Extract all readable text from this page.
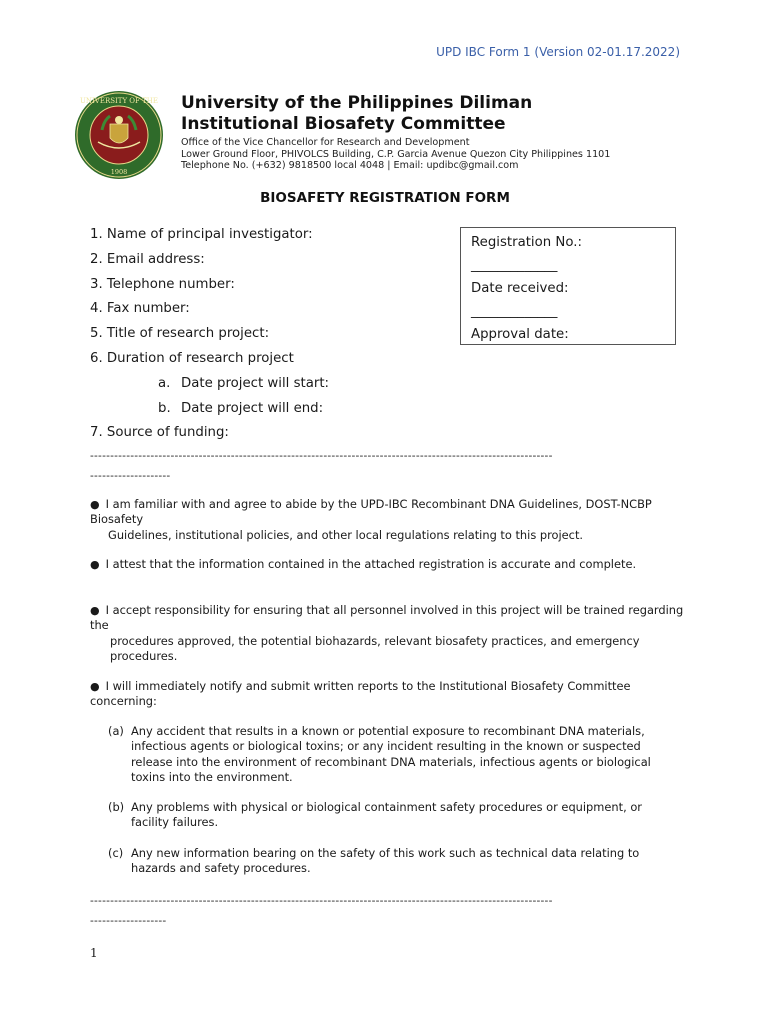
UPD IBC Form 1 (Version 02-01.17.2022)
UNIVERSITY OF THE
1908
University of the Philippines Diliman
Institutional Biosafety Committee
Office of the Vice Chancellor for Research and Development
Lower Ground Floor, PHIVOLCS Building, C.P. Garcia Avenue Quezon City Philippines 1101
Telephone No. (+632) 9818500 local 4048 | Email: updibc@gmail.com
BIOSAFETY REGISTRATION FORM
1. Name of principal investigator:
2. Email address:
3. Telephone number:
4. Fax number:
5. Title of research project:
6. Duration of research project
a. Date project will start:
b. Date project will end:
7. Source of funding:
Registration No.:
_____________
Date received:
_____________
Approval date:
-------------------------------------------------------------------------------------------------------------------
--------------------
● I am familiar with and agree to abide by the UPD-IBC Recombinant DNA Guidelines, DOST-NCBP Biosafety
Guidelines, institutional policies, and other local regulations relating to this project.
● I attest that the information contained in the attached registration is accurate and complete.
● I accept responsibility for ensuring that all personnel involved in this project will be trained regarding the
procedures approved, the potential biohazards, relevant biosafety practices, and emergency procedures.
● I will immediately notify and submit written reports to the Institutional Biosafety Committee concerning:
(a) Any accident that results in a known or potential exposure to recombinant DNA materials, infectious agents or biological toxins; or any incident resulting in the known or suspected release into the environment of recombinant DNA materials, infectious agents or biological toxins into the environment.
(b) Any problems with physical or biological containment safety procedures or equipment, or facility failures.
(c) Any new information bearing on the safety of this work such as technical data relating to hazards and safety procedures.
-------------------------------------------------------------------------------------------------------------------
-------------------
1
